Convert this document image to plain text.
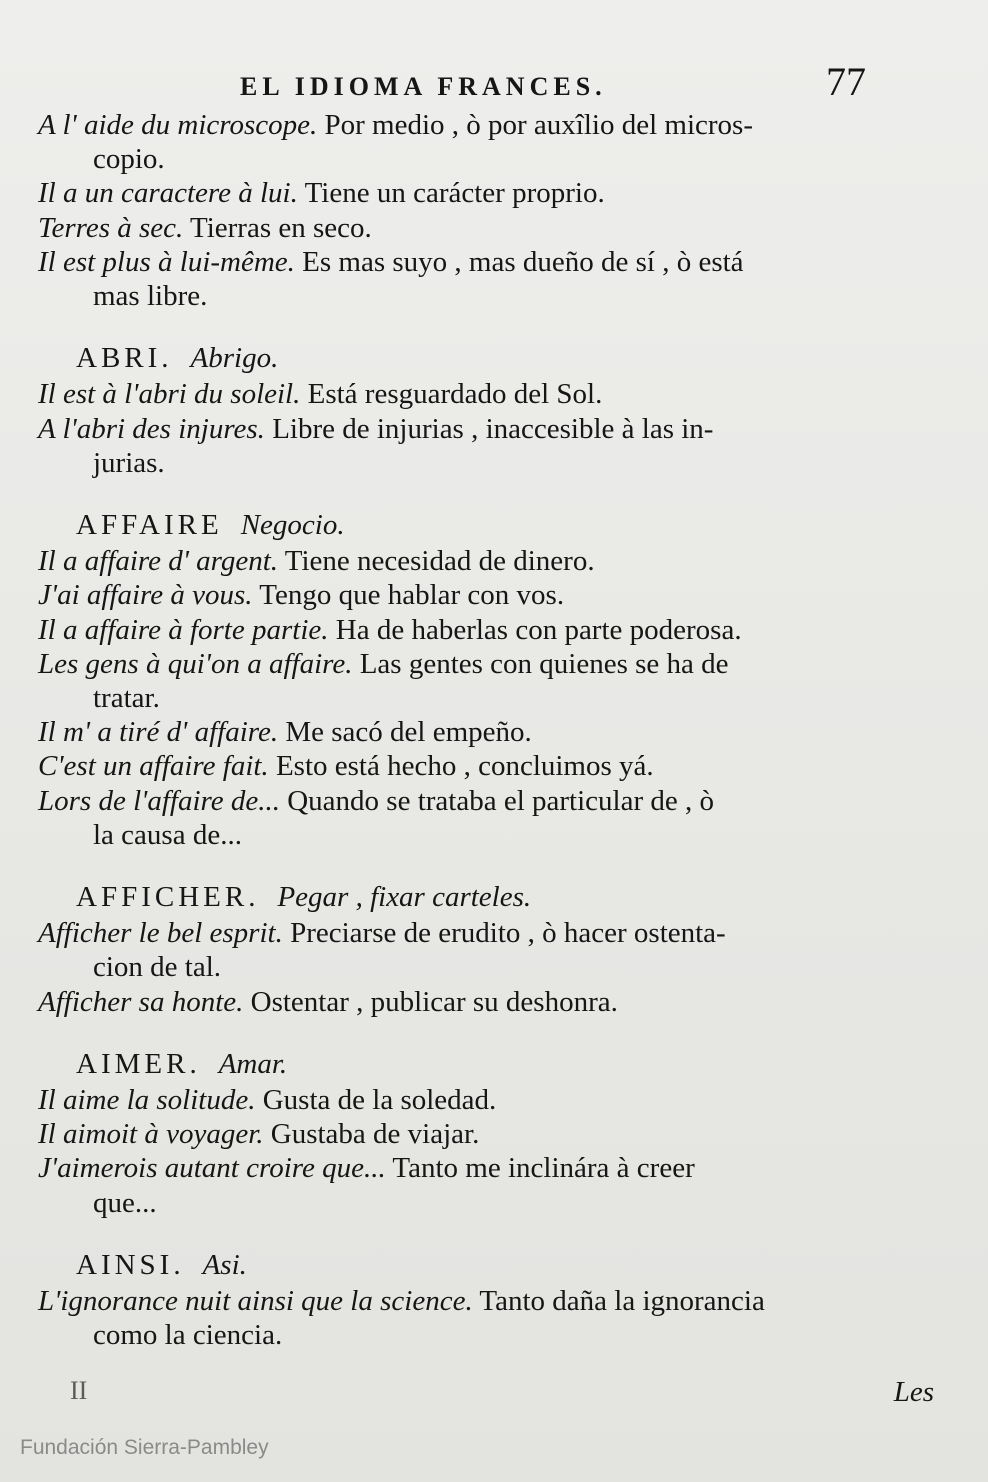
EL IDIOMA FRANCES.	77
A l' aide du microscope. Por medio , ò por auxîlio del micros-
copio.
Il a un caractere à lui. Tiene un carácter proprio.
Terres à sec. Tierras en seco.
Il est plus à lui-même. Es mas suyo , mas dueño de sí , ò está
mas libre.
ABRI. Abrigo.
Il est à l'abri du soleil. Está resguardado del Sol.
A l'abri des injures. Libre de injurias , inaccesible à las in-
jurias.
AFFAIRE Negocio.
Il a affaire d' argent. Tiene necesidad de dinero.
J'ai affaire à vous. Tengo que hablar con vos.
Il a affaire à forte partie. Ha de haberlas con parte poderosa.
Les gens à qui'on a affaire. Las gentes con quienes se ha de
tratar.
Il m' a tiré d' affaire. Me sacó del empeño.
C'est un affaire fait. Esto está hecho , concluimos yá.
Lors de l'affaire de... Quando se trataba el particular de , ò
la causa de...
AFFICHER. Pegar , fixar carteles.
Afficher le bel esprit. Preciarse de erudito , ò hacer ostenta-
cion de tal.
Afficher sa honte. Ostentar , publicar su deshonra.
AIMER. Amar.
Il aime la solitude. Gusta de la soledad.
Il aimoit à voyager. Gustaba de viajar.
J'aimerois autant croire que... Tanto me inclinára à creer
que...
AINSI. Asi.
L'ignorance nuit ainsi que la science. Tanto daña la ignorancia
como la ciencia.
II	Les
Fundación Sierra-Pambley
